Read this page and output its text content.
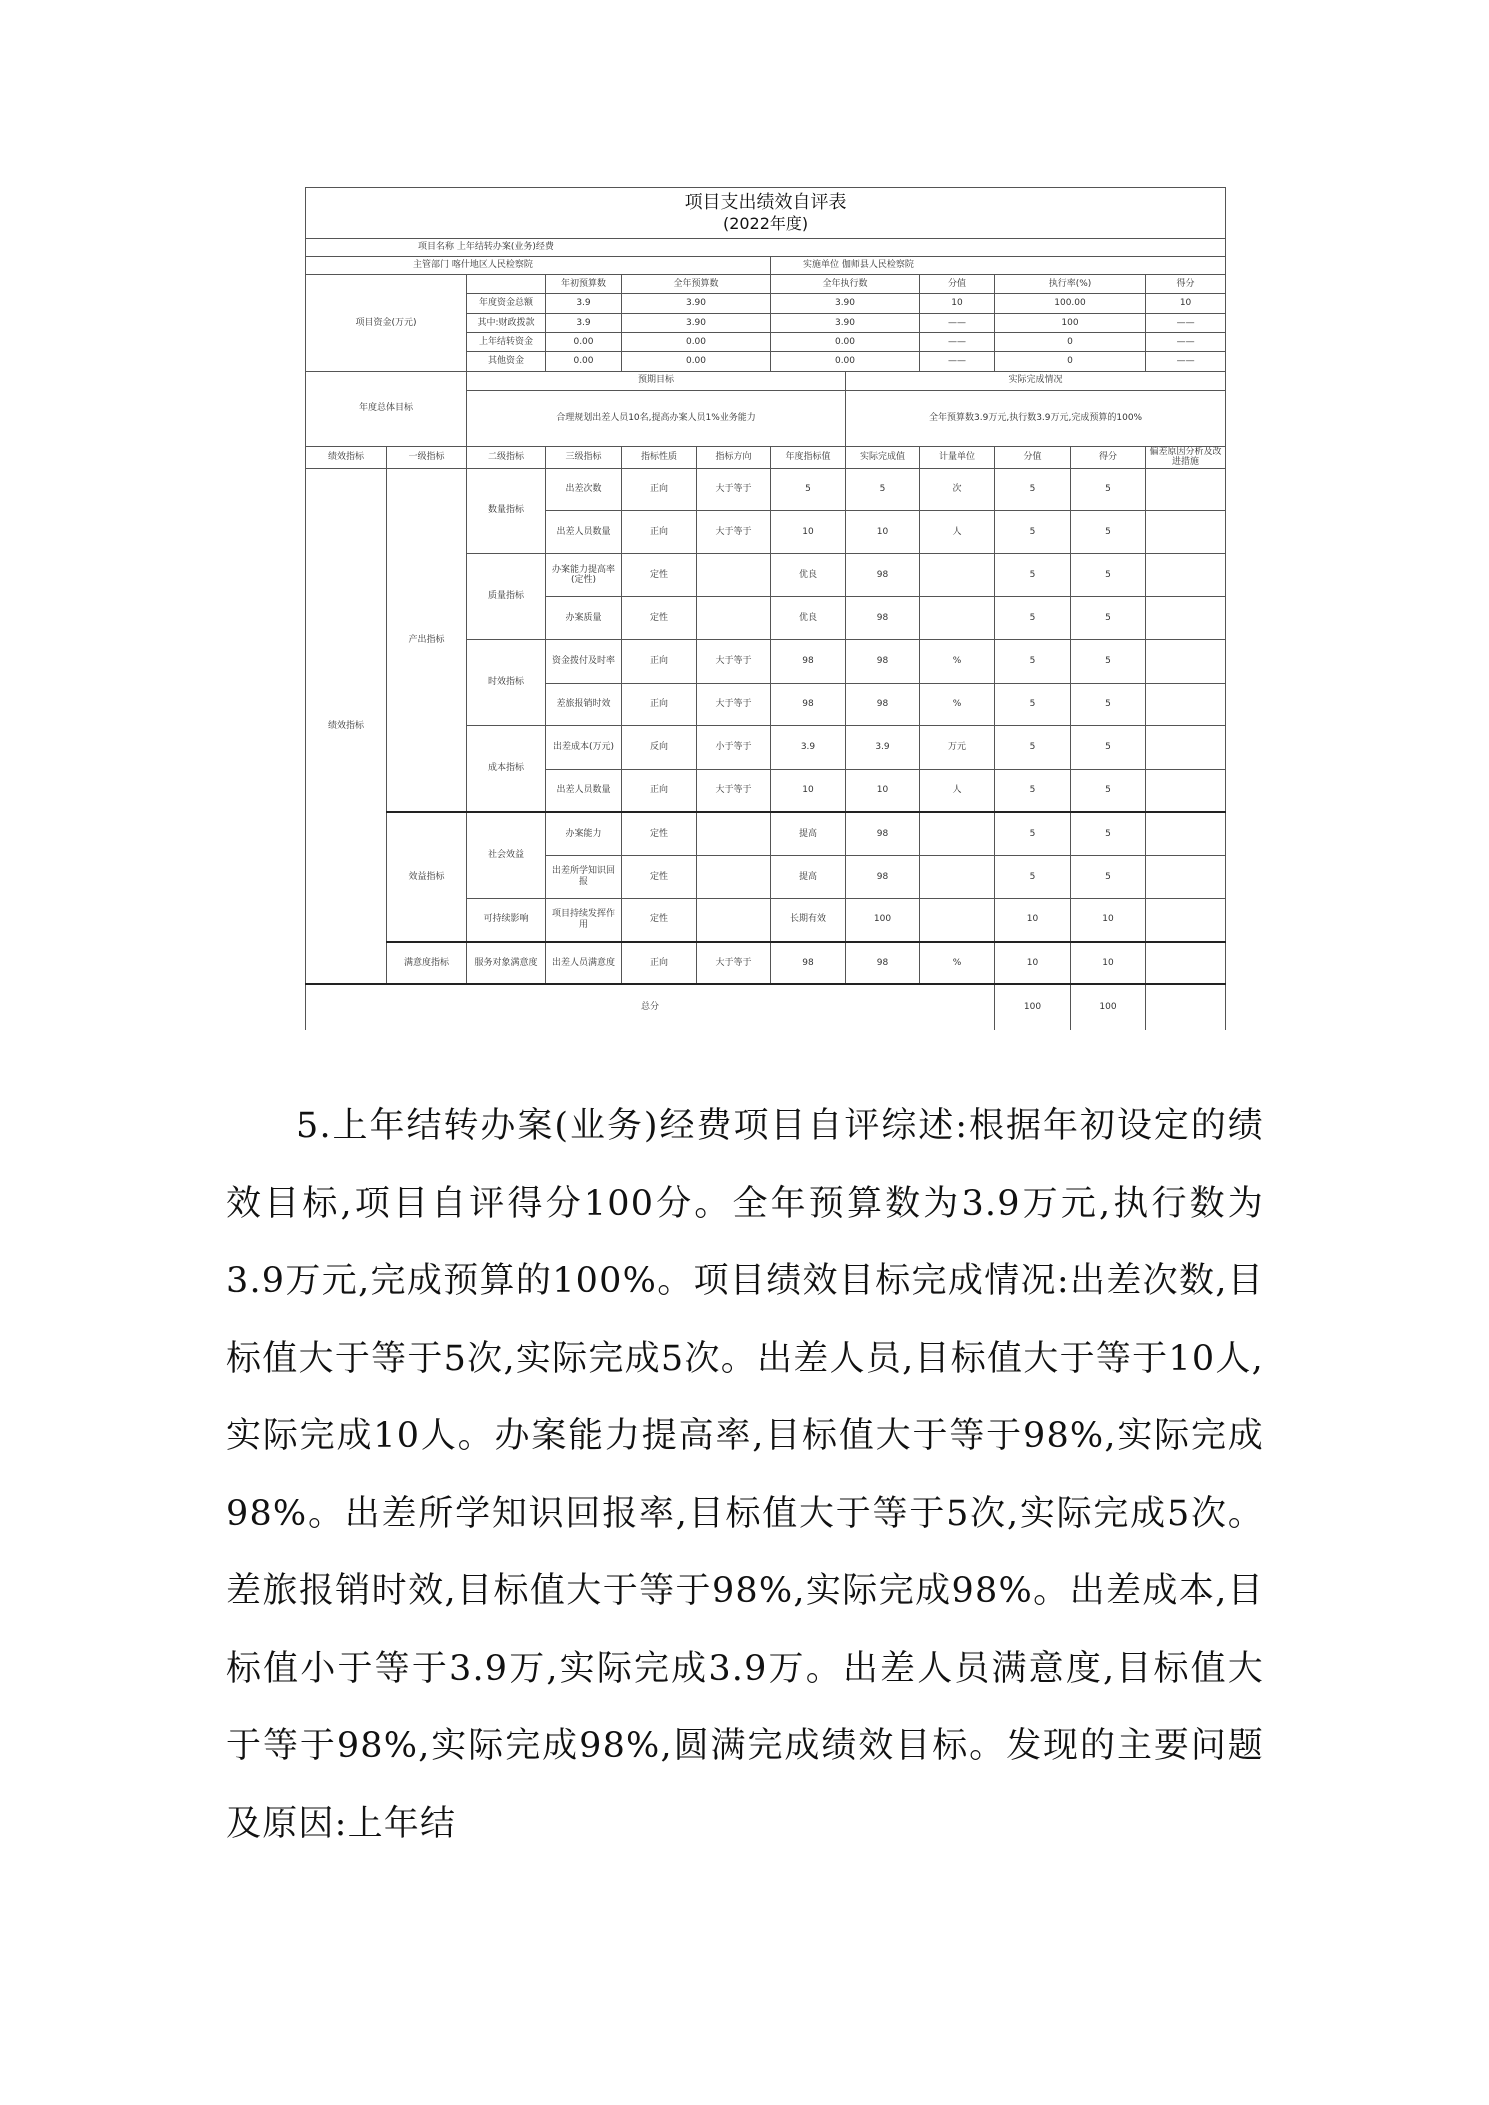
项目支出绩效自评表
(2022年度)											

项目名称 上年结转办案(业务)经费											
主管部门 喀什地区人民检察院						实施单位 伽师县人民检察院					
项目资金(万元)			年初预算数	全年预算数		全年执行数		分值	执行率(%)		得分
		年度资金总额	3.9	3.90		3.90		10	100.00		10
		其中:财政拨款	3.9	3.90		3.90		——	100		——
		上年结转资金	0.00	0.00		0.00		——	0		——
		其他资金	0.00	0.00		0.00		——	0		——
年度总体目标		预期目标					实际完成情况				
		合理规划出差人员10名,提高办案人员1%业务能力					全年预算数3.9万元,执行数3.9万元,完成预算的100%				
绩效指标	一级指标	二级指标	三级指标	指标性质	指标方向	年度指标值	实际完成值	计量单位	分值	得分	偏差原因分析及改进措施
绩效指标	产出指标	数量指标	出差次数	正向	大于等于	5	5	次	5	5	
			出差人员数量	正向	大于等于	10	10	人	5	5	
		质量指标	办案能力提高率(定性)	定性		优良	98		5	5	
			办案质量	定性		优良	98		5	5	
		时效指标	资金拨付及时率	正向	大于等于	98	98	%	5	5	
			差旅报销时效	正向	大于等于	98	98	%	5	5	
		成本指标	出差成本(万元)	反向	小于等于	3.9	3.9	万元	5	5	
			出差人员数量	正向	大于等于	10	10	人	5	5	
	效益指标	社会效益	办案能力	定性		提高	98		5	5	
			出差所学知识回报	定性		提高	98		5	5	
		可持续影响	项目持续发挥作用	定性		长期有效	100		10	10	
	满意度指标	服务对象满意度	出差人员满意度	正向	大于等于	98	98	%	10	10	
总分									100	100	

5.上年结转办案(业务)经费项目自评综述:根据年初设定的绩效目标,项目自评得分100分。全年预算数为3.9万元,执行数为3.9万元,完成预算的100%。项目绩效目标完成情况:出差次数,目标值大于等于5次,实际完成5次。出差人员,目标值大于等于10人,实际完成10人。办案能力提高率,目标值大于等于98%,实际完成98%。出差所学知识回报率,目标值大于等于5次,实际完成5次。差旅报销时效,目标值大于等于98%,实际完成98%。出差成本,目标值小于等于3.9万,实际完成3.9万。出差人员满意度,目标值大于等于98%,实际完成98%,圆满完成绩效目标。发现的主要问题及原因:上年结
